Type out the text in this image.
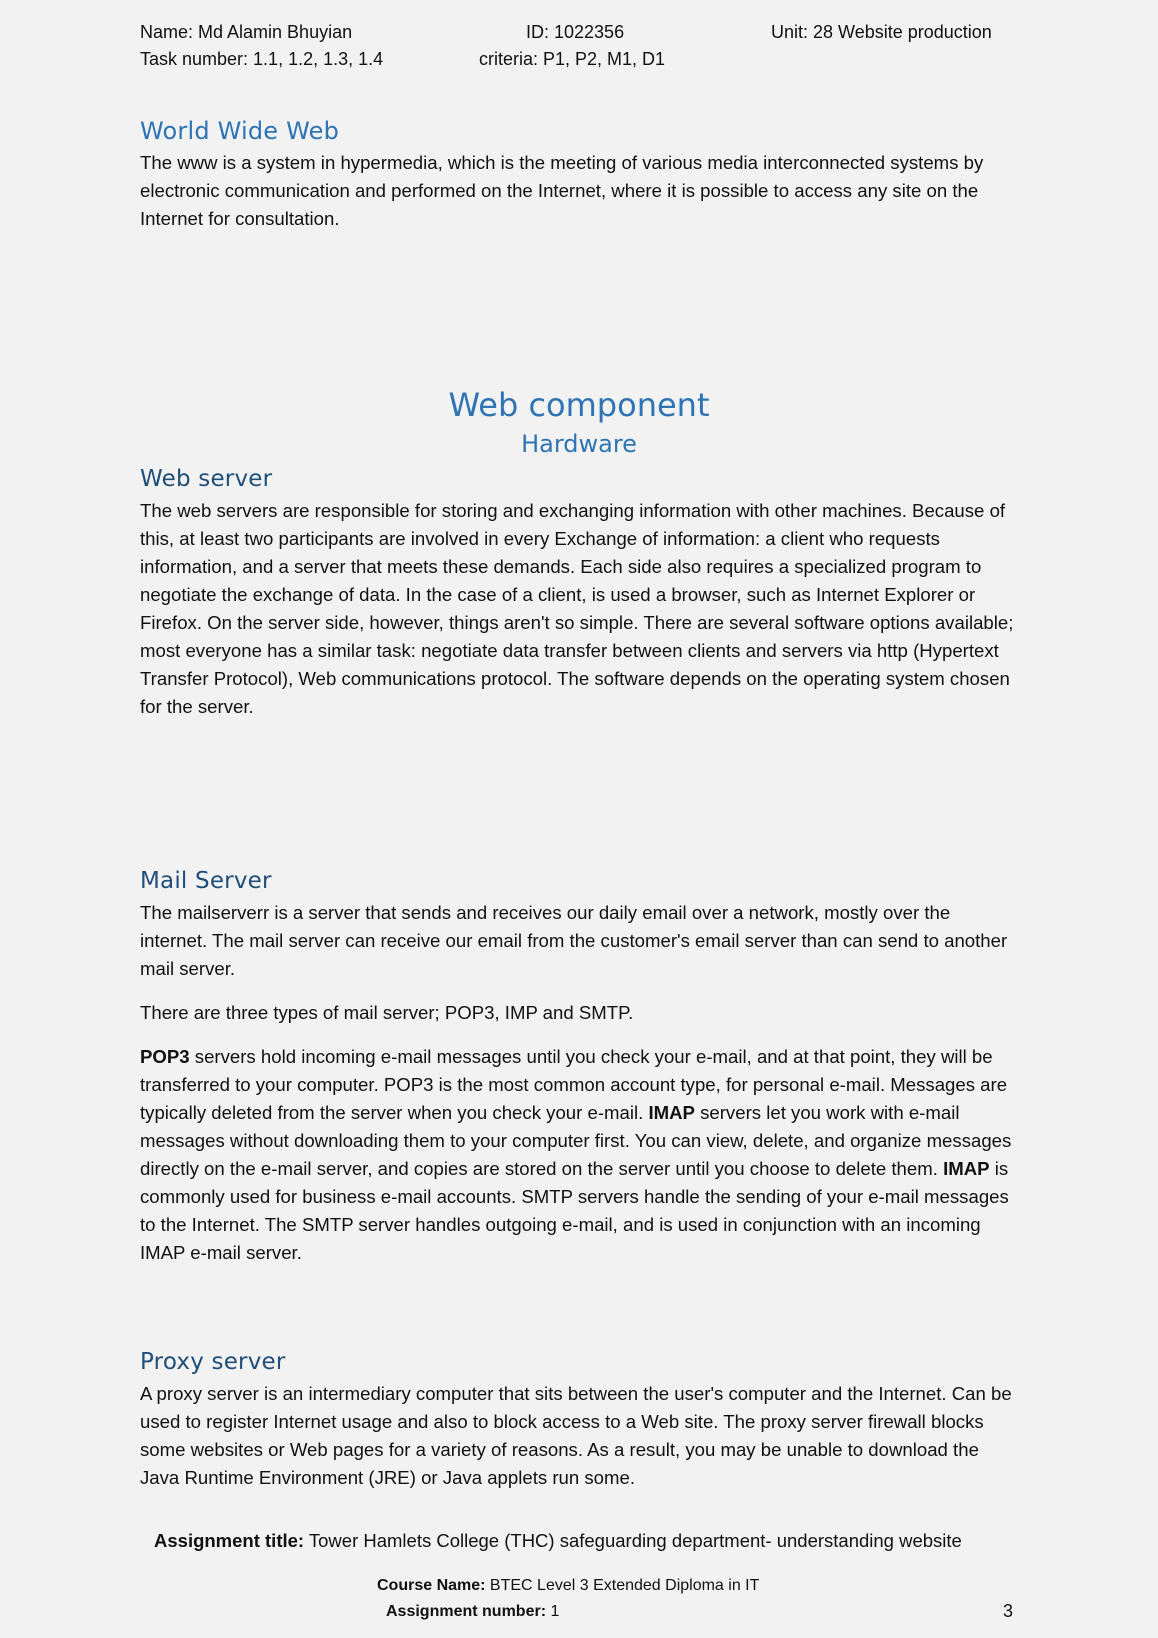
Name: Md Alamin Bhuyian	ID: 1022356	Unit: 28 Website production
Task number: 1.1, 1.2, 1.3, 1.4	criteria: P1, P2, M1, D1
World Wide Web

The www is a system in hypermedia, which is the meeting of various media interconnected systems by electronic communication and performed on the Internet, where it is possible to access any site on the Internet for consultation.

Web component
Hardware
Web server

The web servers are responsible for storing and exchanging information with other machines. Because of this, at least two participants are involved in every Exchange of information: a client who requests information, and a server that meets these demands. Each side also requires a specialized program to negotiate the exchange of data. In the case of a client, is used a browser, such as Internet Explorer or Firefox. On the server side, however, things aren't so simple. There are several software options available; most everyone has a similar task: negotiate data transfer between clients and servers via http (Hypertext Transfer Protocol), Web communications protocol. The software depends on the operating system chosen for the server.

Mail Server

The mailserverr is a server that sends and receives our daily email over a network, mostly over the internet. The mail server can receive our email from the customer's email server than can send to another mail server.

There are three types of mail server; POP3, IMP and SMTP.

POP3 servers hold incoming e-mail messages until you check your e-mail, and at that point, they will be transferred to your computer. POP3 is the most common account type, for personal e-mail. Messages are typically deleted from the server when you check your e-mail. IMAP servers let you work with e-mail messages without downloading them to your computer first. You can view, delete, and organize messages directly on the e-mail server, and copies are stored on the server until you choose to delete them. IMAP is commonly used for business e-mail accounts. SMTP servers handle the sending of your e-mail messages to the Internet. The SMTP server handles outgoing e-mail, and is used in conjunction with an incoming IMAP e-mail server.

Proxy server

A proxy server is an intermediary computer that sits between the user's computer and the Internet. Can be used to register Internet usage and also to block access to a Web site. The proxy server firewall blocks some websites or Web pages for a variety of reasons. As a result, you may be unable to download the Java Runtime Environment (JRE) or Java applets run some.

Assignment title: Tower Hamlets College (THC) safeguarding department- understanding website
Course Name: BTEC Level 3 Extended Diploma in IT
Assignment number: 1	3
